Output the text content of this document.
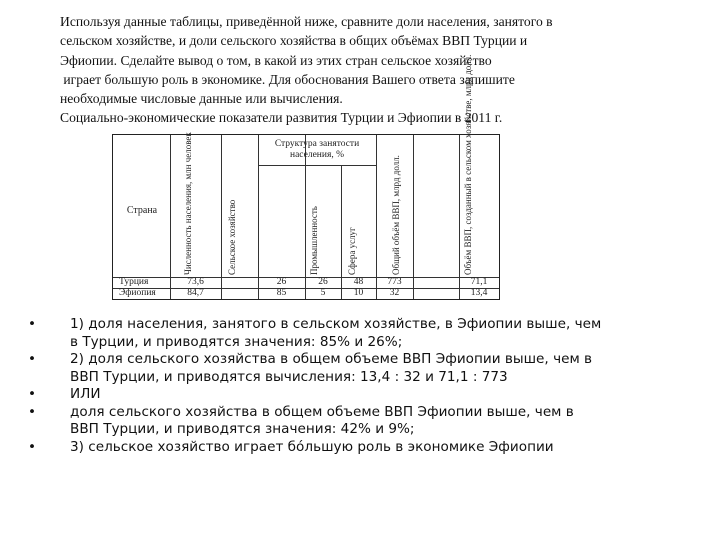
Используя данные таблицы, приведённой ниже, сравните доли населения, занятого в
сельском хозяйстве, и доли сельского хозяйства в общих объёмах ВВП Турции и
Эфиопии. Сделайте вывод о том, в какой из этих стран сельское хозяйство
играет большую роль в экономике. Для обоснования Вашего ответа запишите
необходимые числовые данные или вычисления.
Социально-экономические показатели развития Турции и Эфиопии в 2011 г.
Структура занятости населения, %
Страна	Численность населения, млн человек	Сельское хозяйство	Промышленность	Сфера услуг	Общий объём ВВП, млрд долл.	Объём ВВП, созданный в сельском хозяйстве, млрд долл.
Турция	73,6	26	26	48	773	71,1
Эфиопия	84,7	85	5	10	32	13,4
• 1) доля населения, занятого в сельском хозяйстве, в Эфиопии выше, чем
в Турции, и приводятся значения: 85% и 26%;
• 2) доля сельского хозяйства в общем объеме ВВП Эфиопии выше, чем в
ВВП Турции, и приводятся вычисления: 13,4 : 32 и 71,1 : 773
• ИЛИ
• доля сельского хозяйства в общем объеме ВВП Эфиопии выше, чем в
ВВП Турции, и приводятся значения: 42% и 9%;
• 3) сельское хозяйство играет бóльшую роль в экономике Эфиопии
